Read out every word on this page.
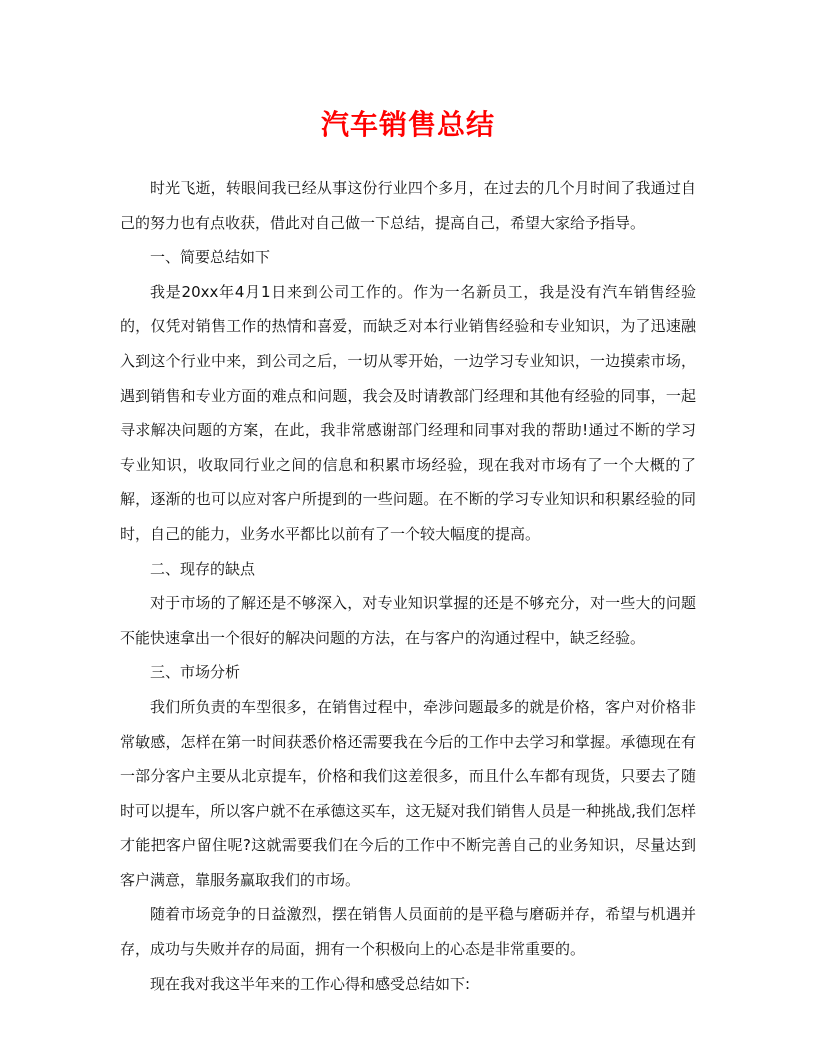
汽车销售总结

时光飞逝，转眼间我已经从事这份行业四个多月，在过去的几个月时间了我通过自己的努力也有点收获，借此对自己做一下总结，提高自己，希望大家给予指导。

一、简要总结如下

我是20xx年4月1日来到公司工作的。作为一名新员工，我是没有汽车销售经验的，仅凭对销售工作的热情和喜爱，而缺乏对本行业销售经验和专业知识，为了迅速融入到这个行业中来，到公司之后，一切从零开始，一边学习专业知识，一边摸索市场，遇到销售和专业方面的难点和问题，我会及时请教部门经理和其他有经验的同事，一起寻求解决问题的方案，在此，我非常感谢部门经理和同事对我的帮助!通过不断的学习专业知识，收取同行业之间的信息和积累市场经验，现在我对市场有了一个大概的了解，逐渐的也可以应对客户所提到的一些问题。在不断的学习专业知识和积累经验的同时，自己的能力，业务水平都比以前有了一个较大幅度的提高。

二、现存的缺点

对于市场的了解还是不够深入，对专业知识掌握的还是不够充分，对一些大的问题不能快速拿出一个很好的解决问题的方法，在与客户的沟通过程中，缺乏经验。

三、市场分析

我们所负责的车型很多，在销售过程中，牵涉问题最多的就是价格，客户对价格非常敏感，怎样在第一时间获悉价格还需要我在今后的工作中去学习和掌握。承德现在有一部分客户主要从北京提车，价格和我们这差很多，而且什么车都有现货，只要去了随时可以提车，所以客户就不在承德这买车，这无疑对我们销售人员是一种挑战,我们怎样才能把客户留住呢?这就需要我们在今后的工作中不断完善自己的业务知识，尽量达到客户满意，靠服务赢取我们的市场。

随着市场竞争的日益激烈，摆在销售人员面前的是平稳与磨砺并存，希望与机遇并存，成功与失败并存的局面，拥有一个积极向上的心态是非常重要的。

现在我对我这半年来的工作心得和感受总结如下:
